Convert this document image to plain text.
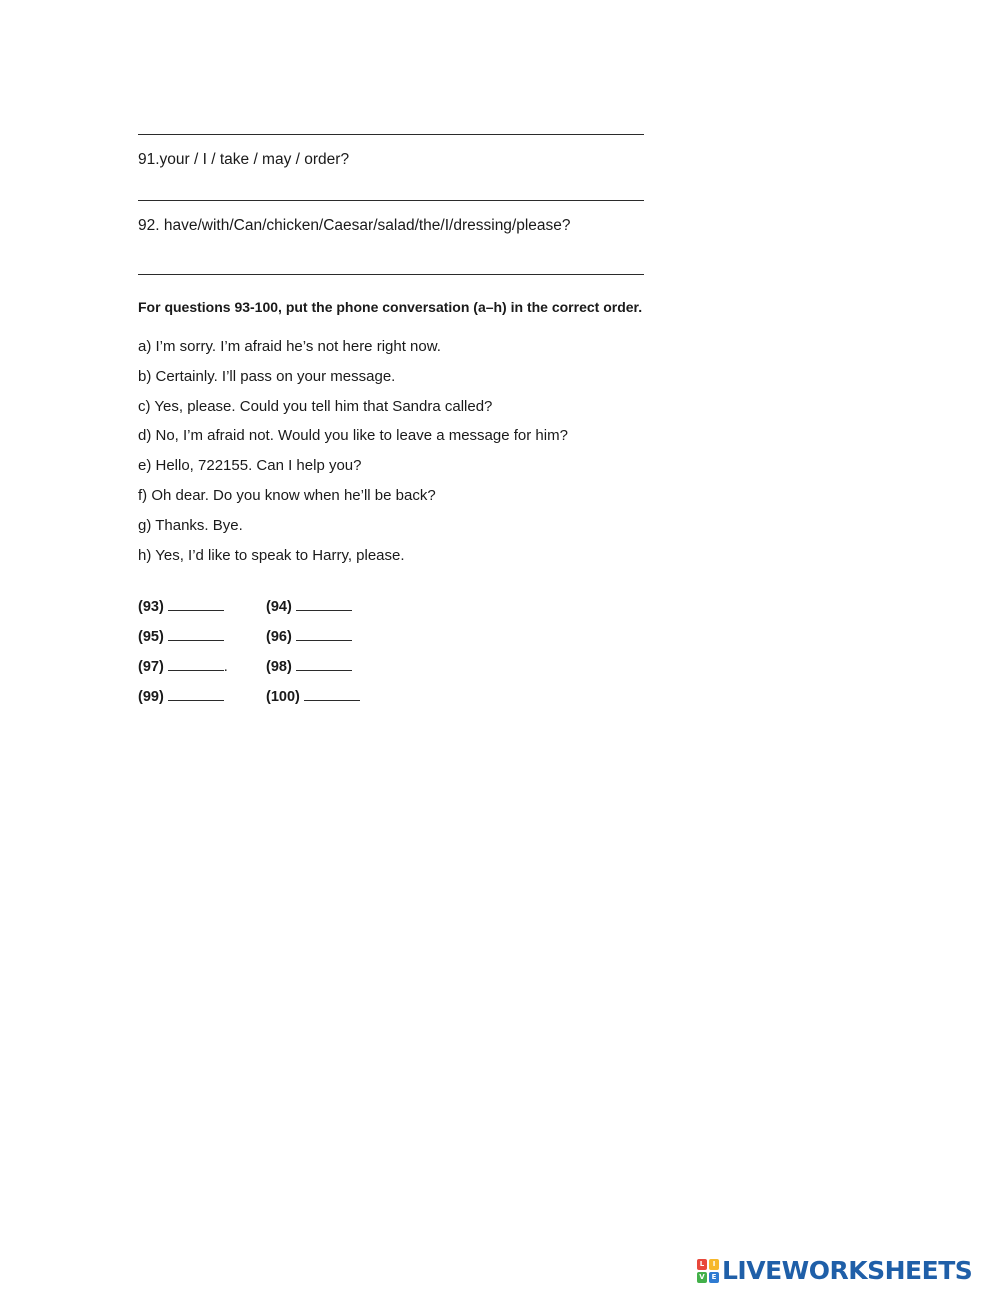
91.your / I / take / may / order?
92. have/with/Can/chicken/Caesar/salad/the/I/dressing/please?
For questions 93-100, put the phone conversation (a–h) in the correct order.
a) I’m sorry. I’m afraid he’s not here right now.
b) Certainly. I’ll pass on your message.
c) Yes, please. Could you tell him that Sandra called?
d) No, I’m afraid not. Would you like to leave a message for him?
e) Hello, 722155. Can I help you?
f) Oh dear. Do you know when he’ll be back?
g) Thanks. Bye.
h) Yes, I’d like to speak to Harry, please.
(93)	(94)
(95)	(96)
(97)	.	(98)
(99)	(100)
L	I
V E LIVEWORKSHEETS
